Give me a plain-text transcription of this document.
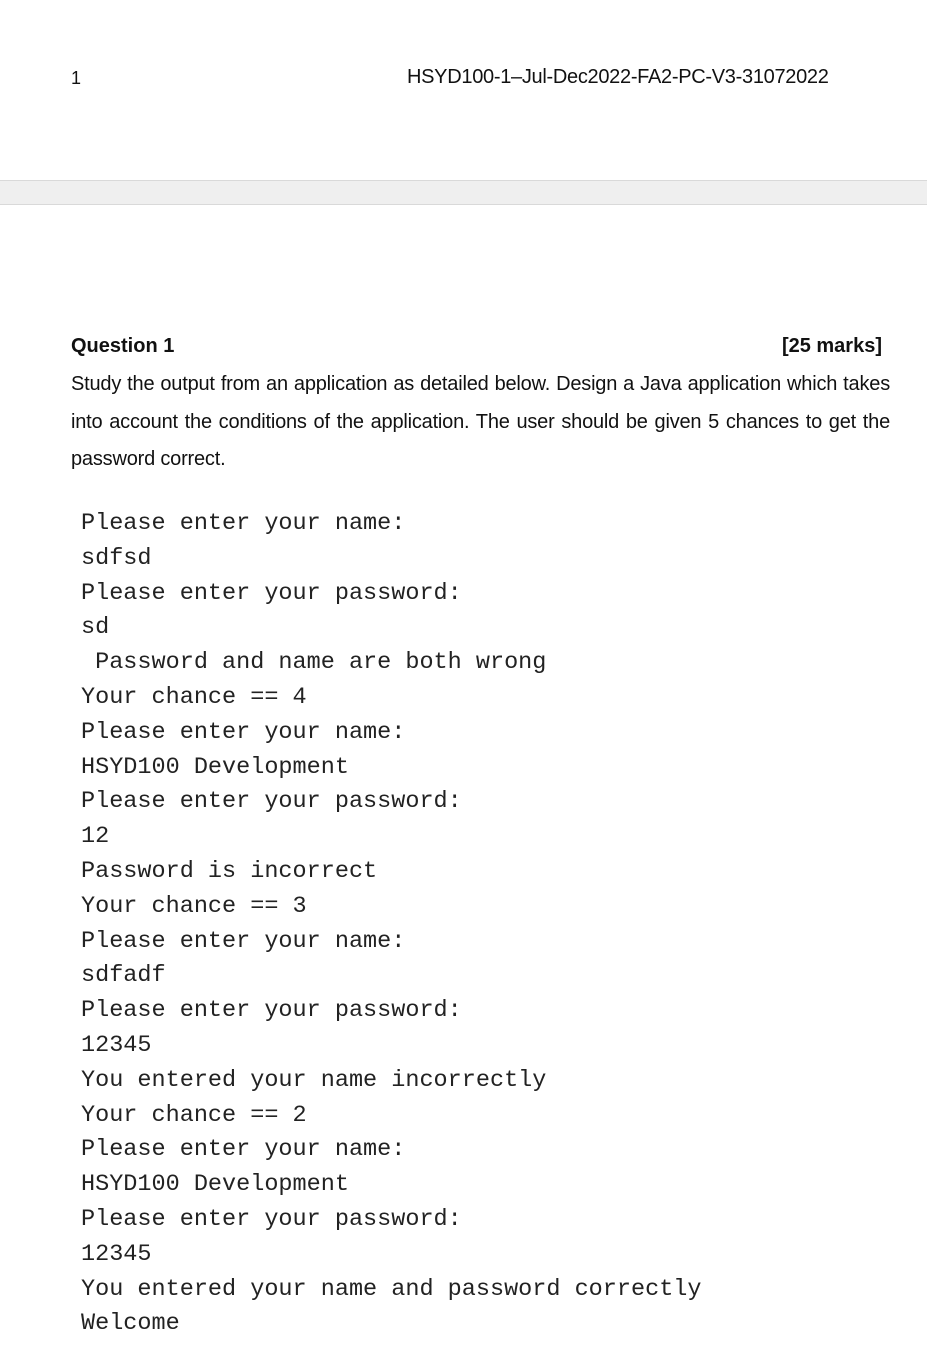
1	HSYD100-1–Jul-Dec2022-FA2-PC-V3-31072022
Question 1	[25 marks]

Study the output from an application as detailed below. Design a Java application which takes into account the conditions of the application. The user should be given 5 chances to get the password correct.

Please enter your name:
sdfsd
Please enter your password:
sd
Password and name are both wrong
Your chance == 4
Please enter your name:
HSYD100 Development
Please enter your password:
12
Password is incorrect
Your chance == 3
Please enter your name:
sdfadf
Please enter your password:
12345
You entered your name incorrectly
Your chance == 2
Please enter your name:
HSYD100 Development
Please enter your password:
12345
You entered your name and password correctly
Welcome
